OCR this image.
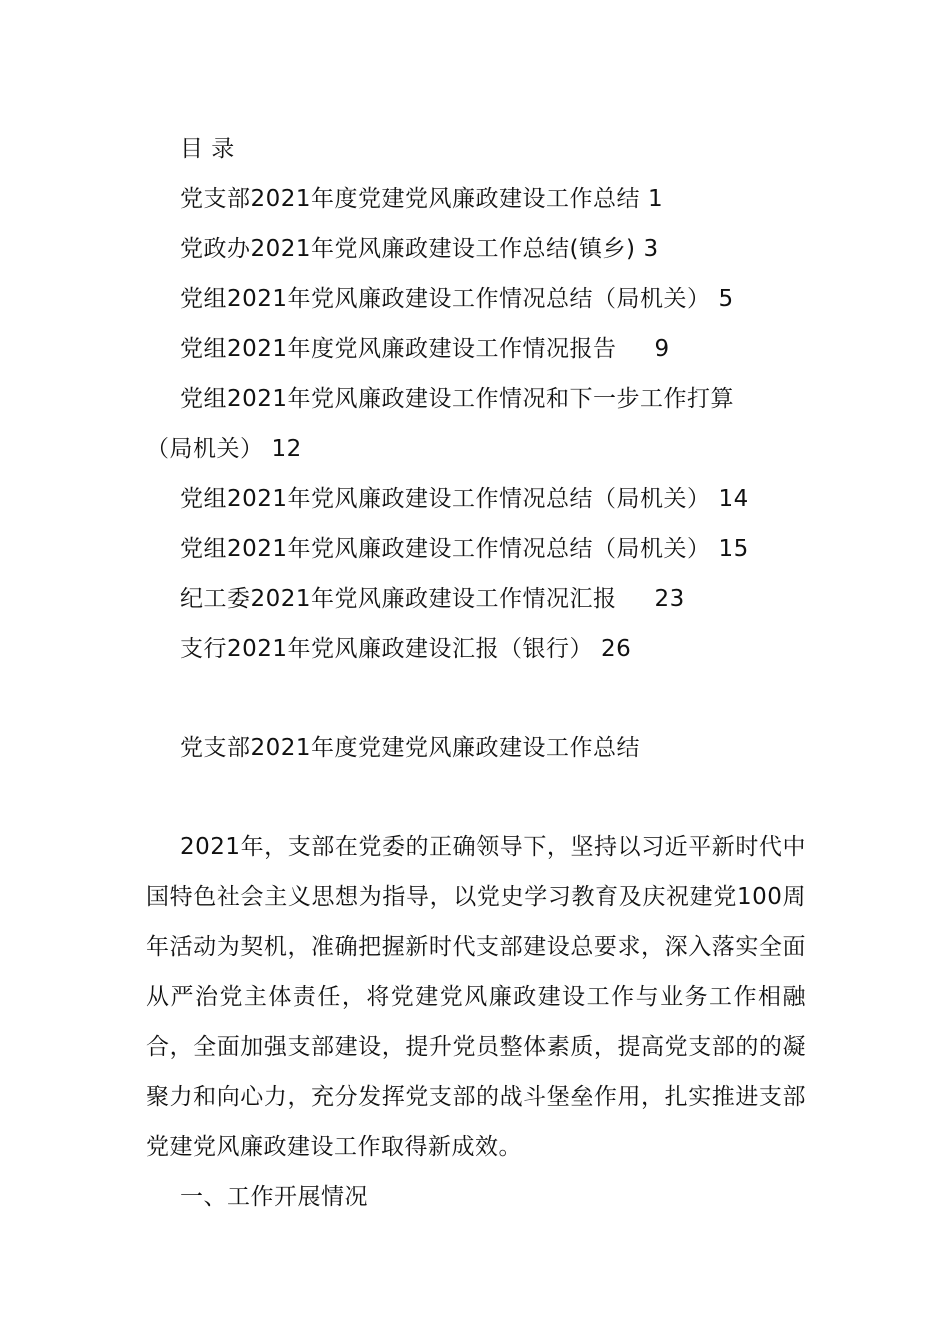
目 录
党支部2021年度党建党风廉政建设工作总结 1
党政办2021年党风廉政建设工作总结(镇乡) 3
党组2021年党风廉政建设工作情况总结（局机关） 5
党组2021年度党风廉政建设工作情况报告 9
党组2021年党风廉政建设工作情况和下一步工作打算
（局机关） 12
党组2021年党风廉政建设工作情况总结（局机关） 14
党组2021年党风廉政建设工作情况总结（局机关） 15
纪工委2021年党风廉政建设工作情况汇报 23
支行2021年党风廉政建设汇报（银行） 26
党支部2021年度党建党风廉政建设工作总结
2021年，支部在党委的正确领导下，坚持以习近平新时代中国特色社会主义思想为指导，以党史学习教育及庆祝建党100周年活动为契机，准确把握新时代支部建设总要求，深入落实全面从严治党主体责任，将党建党风廉政建设工作与业务工作相融合，全面加强支部建设，提升党员整体素质，提高党支部的的凝聚力和向心力，充分发挥党支部的战斗堡垒作用，扎实推进支部党建党风廉政建设工作取得新成效。
一、工作开展情况
